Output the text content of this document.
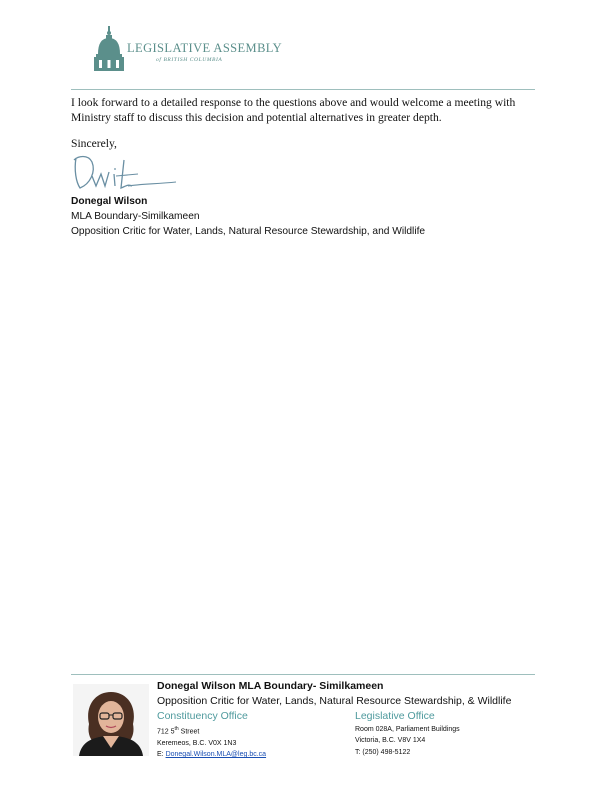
LEGISLATIVE ASSEMBLY
of BRITISH COLUMBIA
I look forward to a detailed response to the questions above and would welcome a meeting with Ministry staff to discuss this decision and potential alternatives in greater depth.
Sincerely,
Donegal Wilson
MLA Boundary-Similkameen
Opposition Critic for Water, Lands, Natural Resource Stewardship, and Wildlife
Donegal Wilson MLA Boundary- Similkameen
Opposition Critic for Water, Lands, Natural Resource Stewardship, & Wildlife
Constituency Office
712 5th Street
Keremeos, B.C. V0X 1N3
E: Donegal.Wilson.MLA@leg.bc.ca
Legislative Office
Room 028A, Parliament Buildings
Victoria, B.C. V8V 1X4
T: (250) 498-5122
